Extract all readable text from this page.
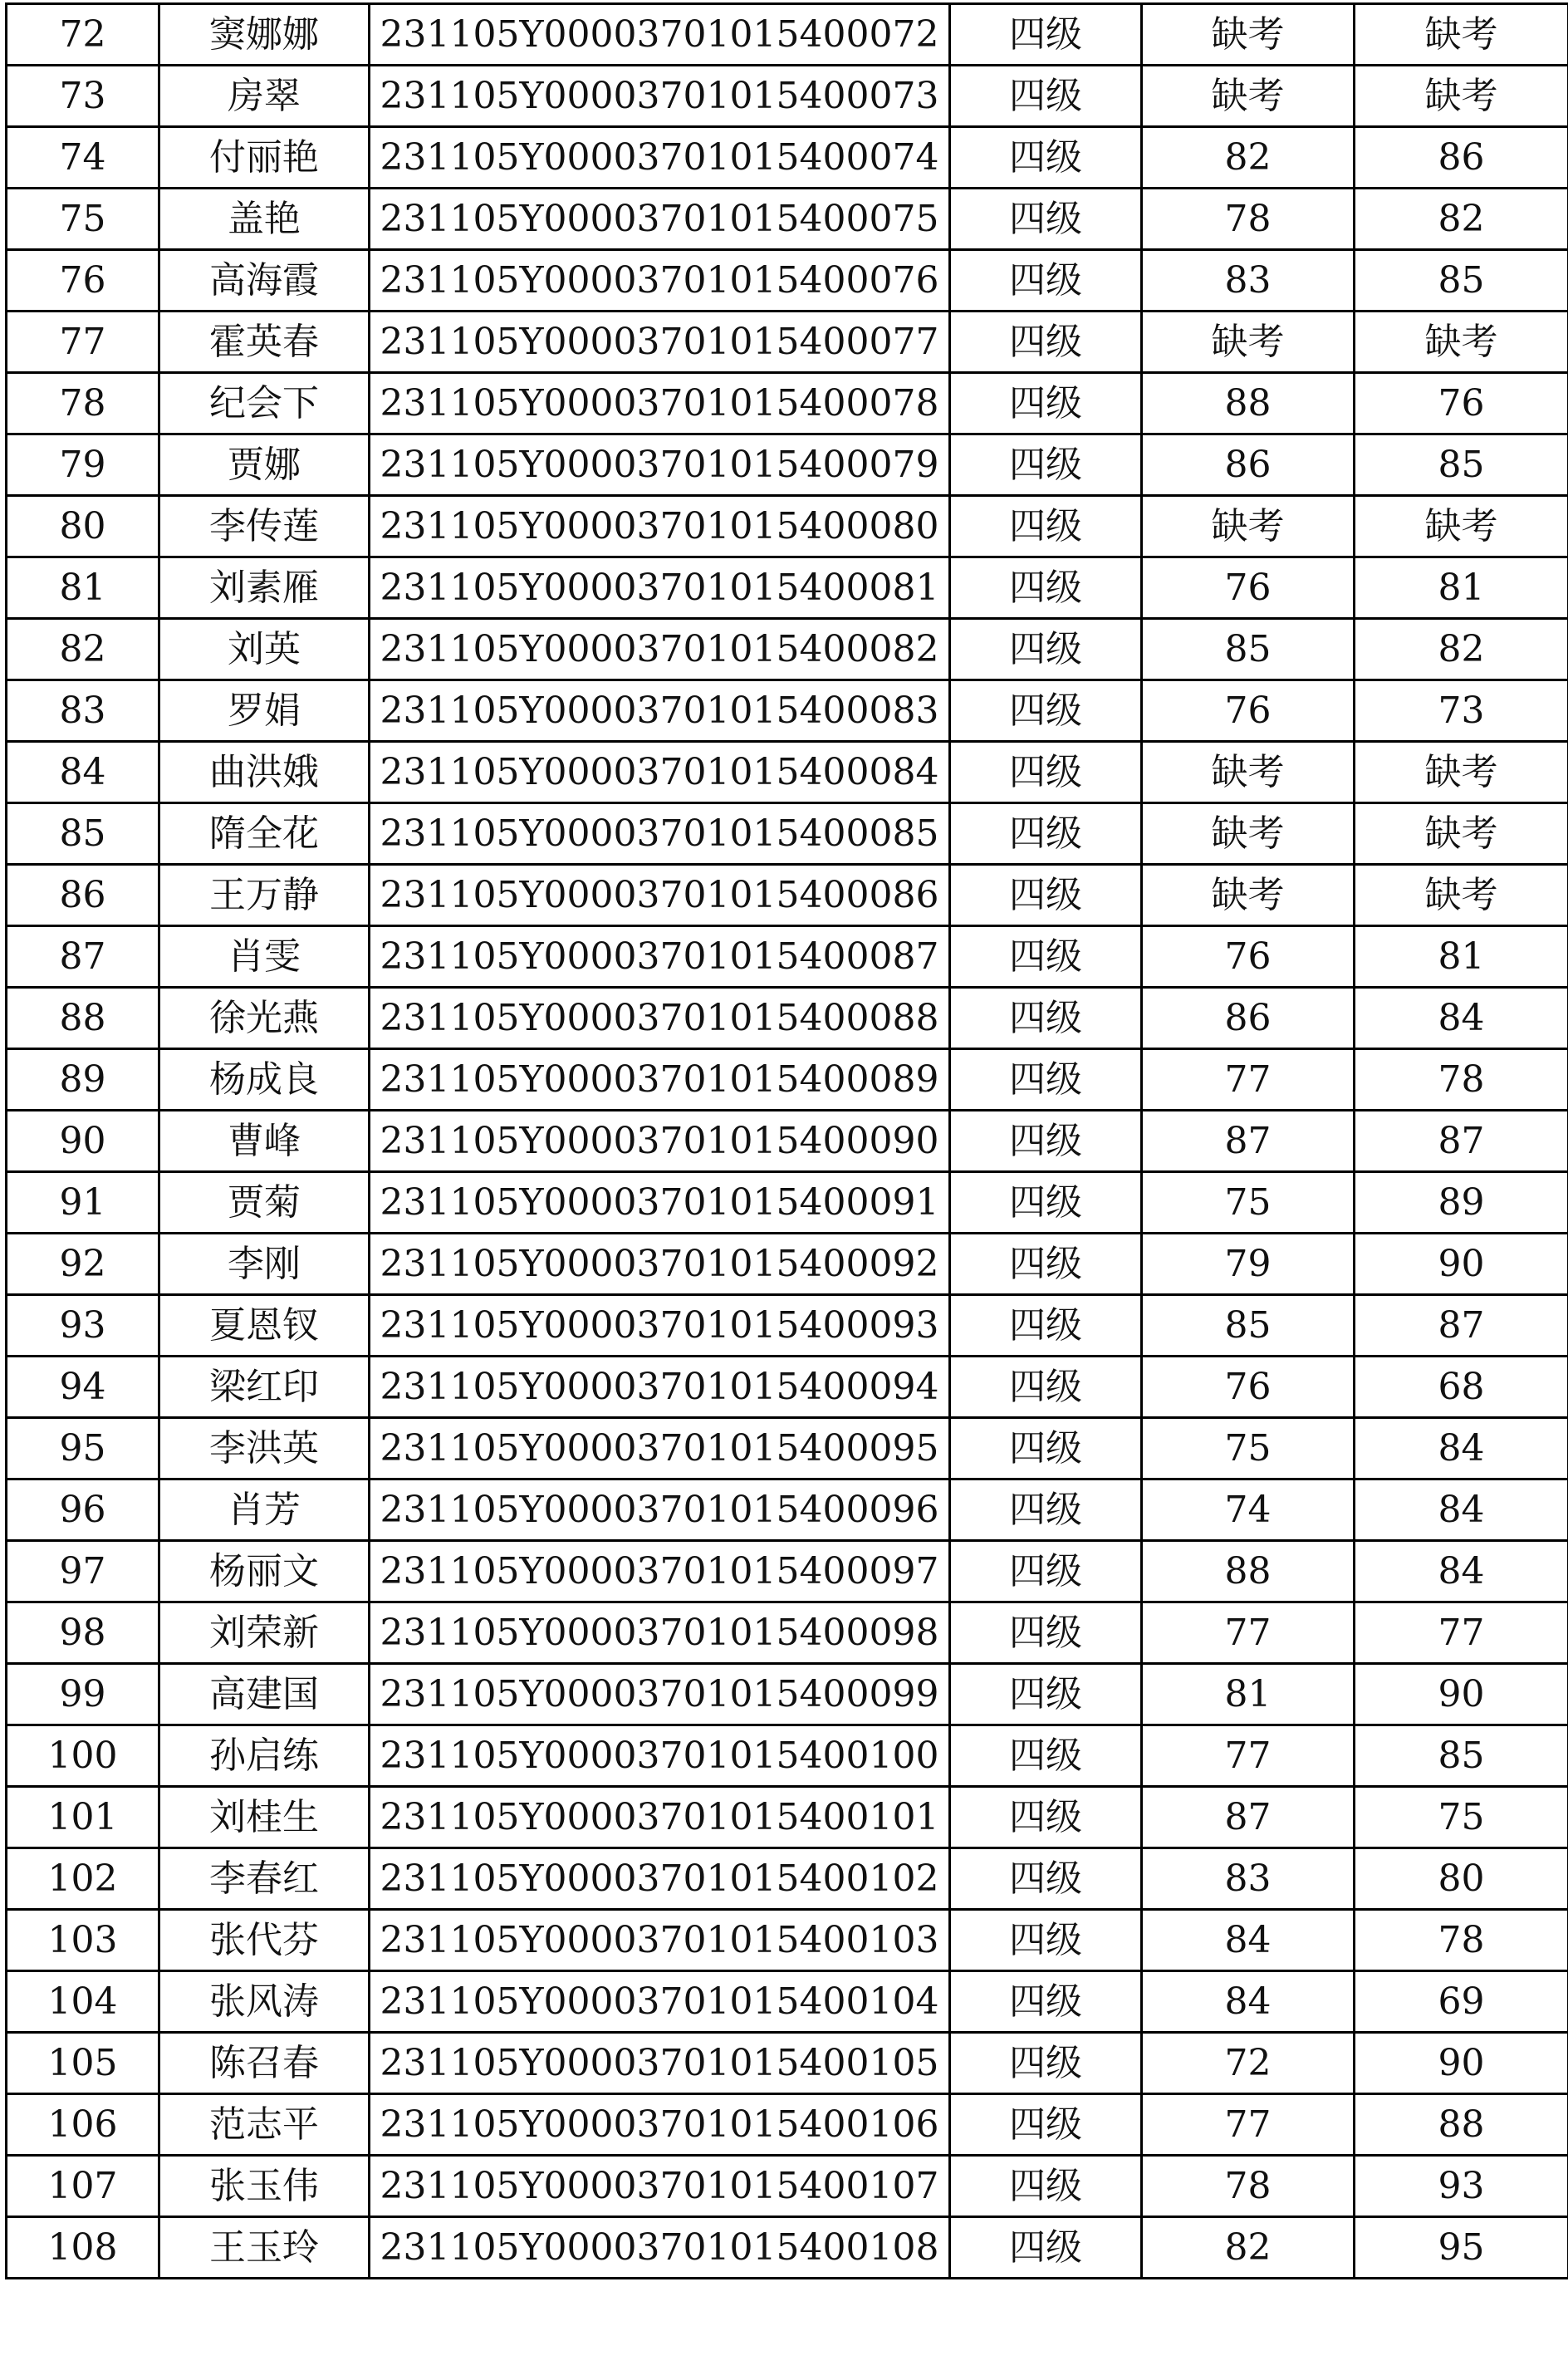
72	窦娜娜	231105Y00003701015400072	四级	缺考	缺考
73	房翠	231105Y00003701015400073	四级	缺考	缺考
74	付丽艳	231105Y00003701015400074	四级	82	86
75	盖艳	231105Y00003701015400075	四级	78	82
76	高海霞	231105Y00003701015400076	四级	83	85
77	霍英春	231105Y00003701015400077	四级	缺考	缺考
78	纪会下	231105Y00003701015400078	四级	88	76
79	贾娜	231105Y00003701015400079	四级	86	85
80	李传莲	231105Y00003701015400080	四级	缺考	缺考
81	刘素雁	231105Y00003701015400081	四级	76	81
82	刘英	231105Y00003701015400082	四级	85	82
83	罗娟	231105Y00003701015400083	四级	76	73
84	曲洪娥	231105Y00003701015400084	四级	缺考	缺考
85	隋全花	231105Y00003701015400085	四级	缺考	缺考
86	王万静	231105Y00003701015400086	四级	缺考	缺考
87	肖雯	231105Y00003701015400087	四级	76	81
88	徐光燕	231105Y00003701015400088	四级	86	84
89	杨成良	231105Y00003701015400089	四级	77	78
90	曹峰	231105Y00003701015400090	四级	87	87
91	贾菊	231105Y00003701015400091	四级	75	89
92	李刚	231105Y00003701015400092	四级	79	90
93	夏恩钗	231105Y00003701015400093	四级	85	87
94	梁红印	231105Y00003701015400094	四级	76	68
95	李洪英	231105Y00003701015400095	四级	75	84
96	肖芳	231105Y00003701015400096	四级	74	84
97	杨丽文	231105Y00003701015400097	四级	88	84
98	刘荣新	231105Y00003701015400098	四级	77	77
99	高建国	231105Y00003701015400099	四级	81	90
100	孙启练	231105Y00003701015400100	四级	77	85
101	刘桂生	231105Y00003701015400101	四级	87	75
102	李春红	231105Y00003701015400102	四级	83	80
103	张代芬	231105Y00003701015400103	四级	84	78
104	张风涛	231105Y00003701015400104	四级	84	69
105	陈召春	231105Y00003701015400105	四级	72	90
106	范志平	231105Y00003701015400106	四级	77	88
107	张玉伟	231105Y00003701015400107	四级	78	93
108	王玉玲	231105Y00003701015400108	四级	82	95
